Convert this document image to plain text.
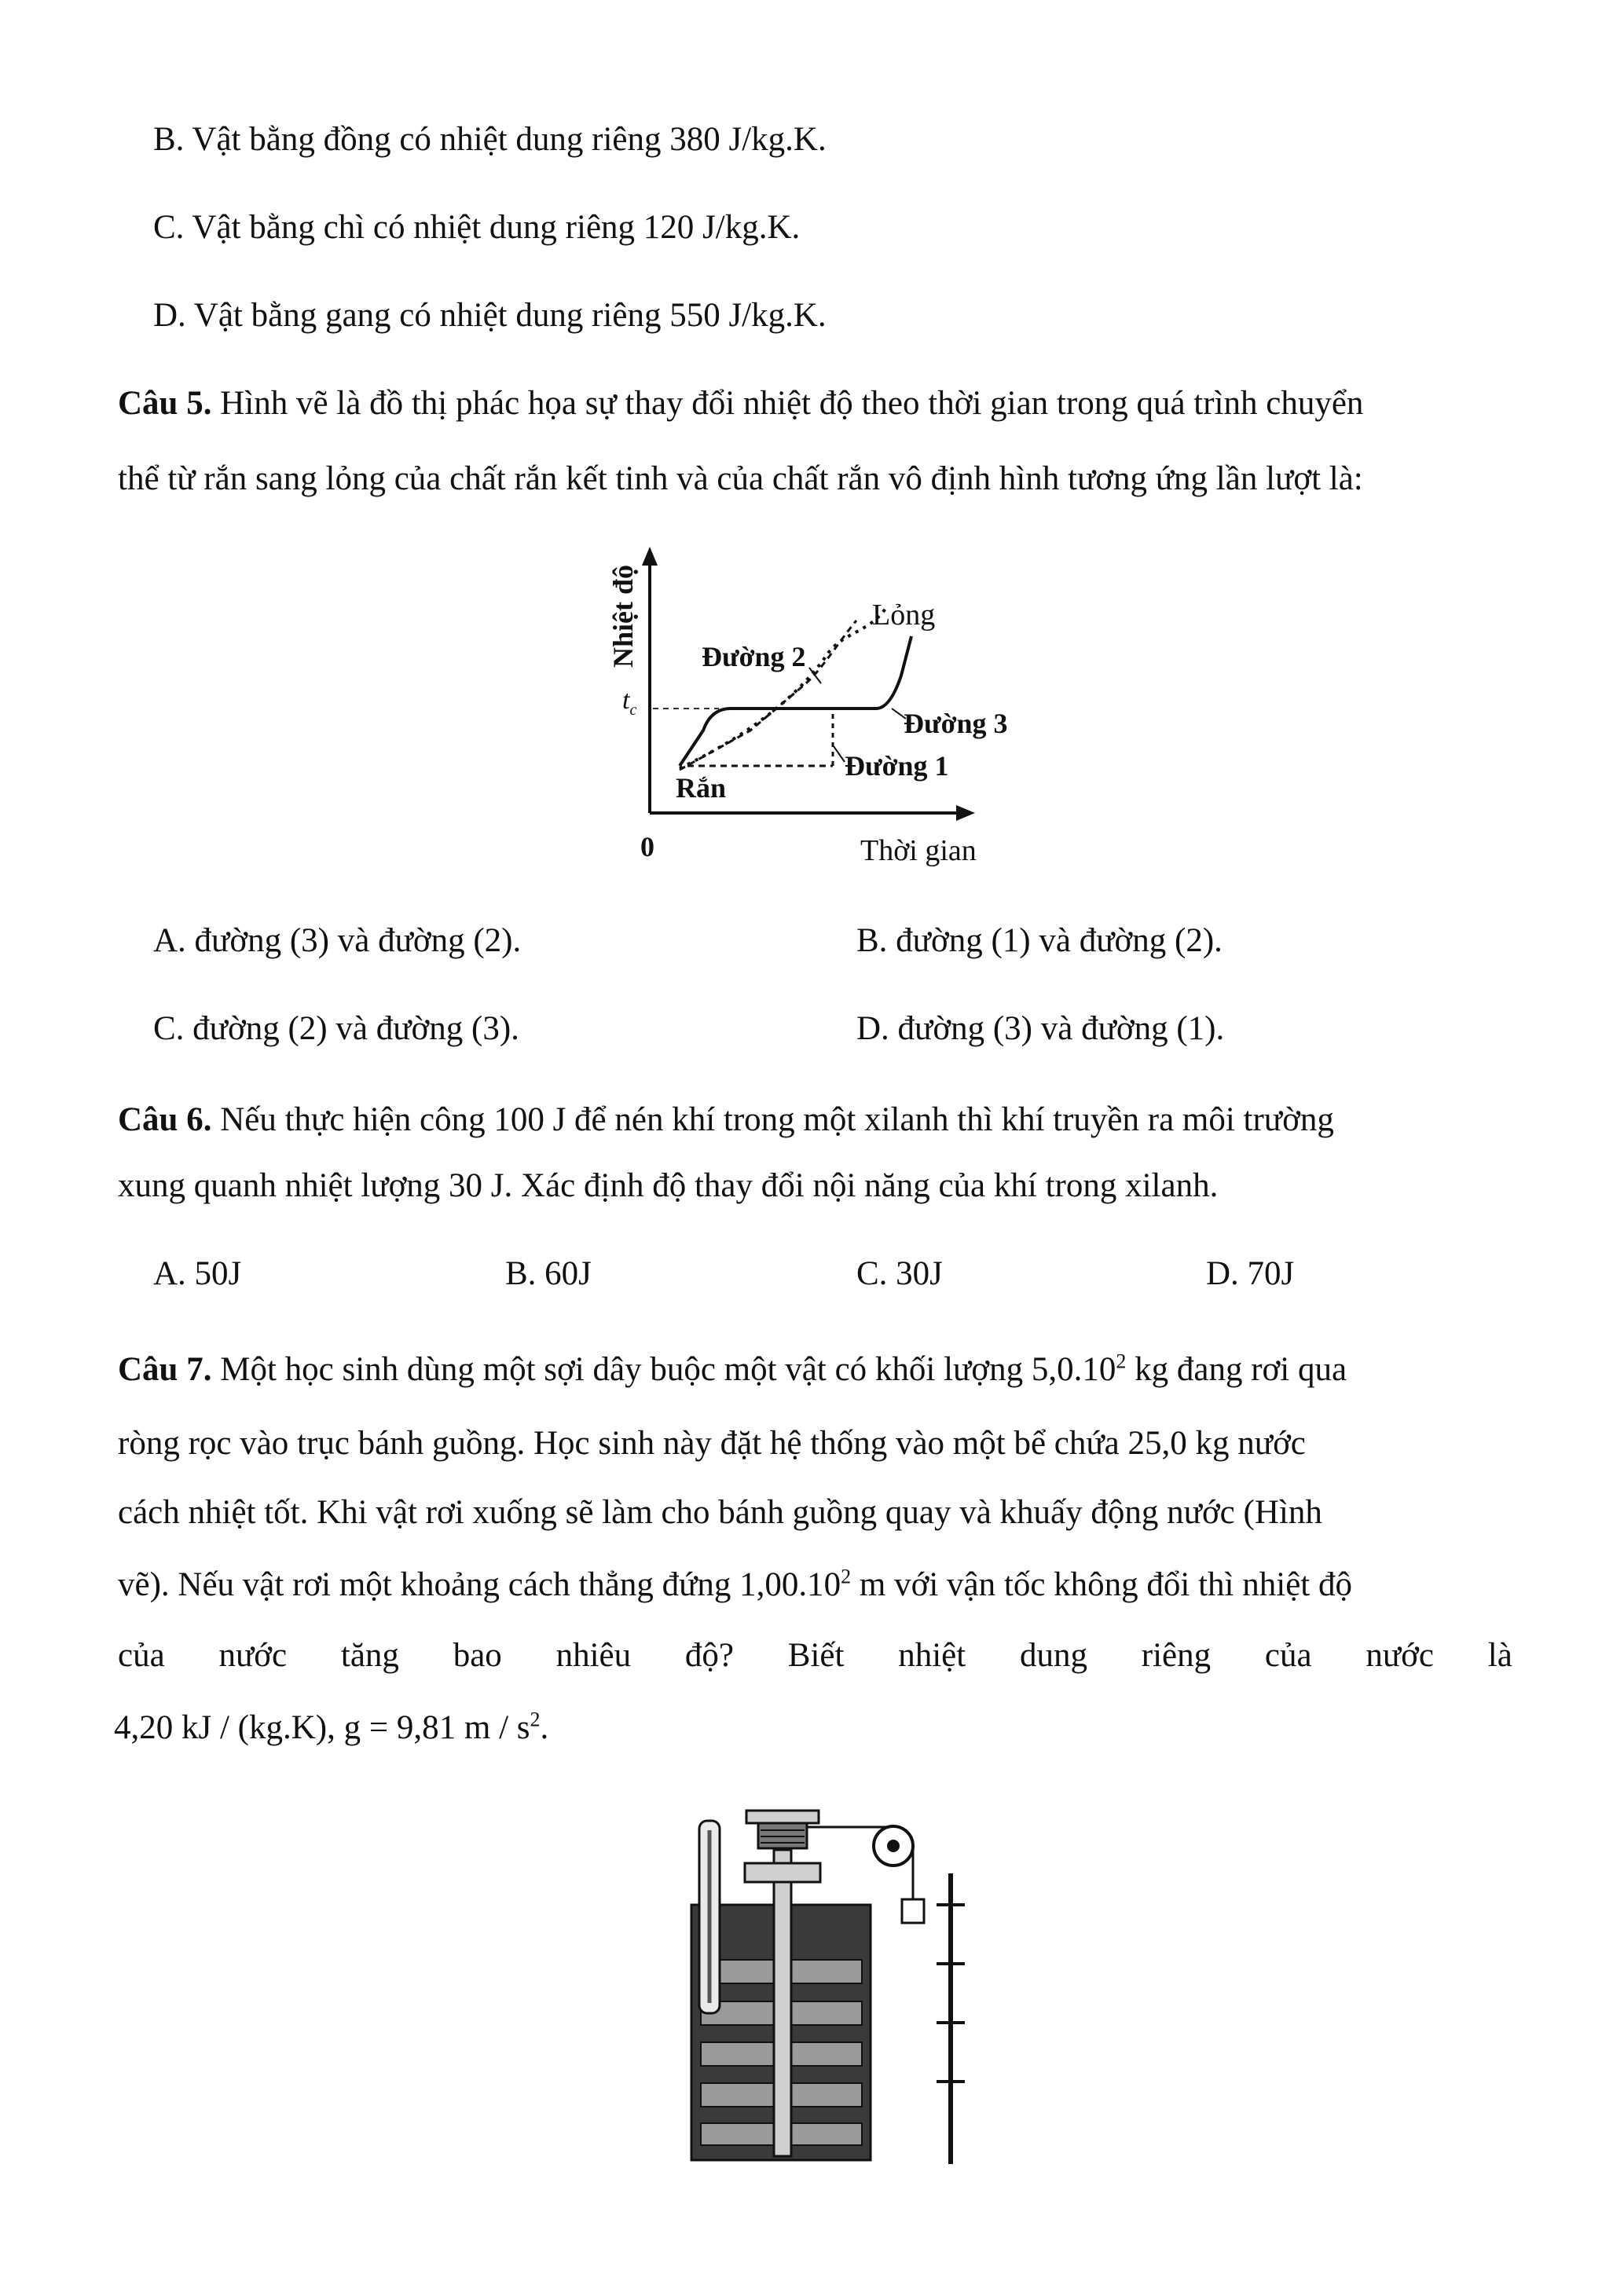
B. Vật bằng đồng có nhiệt dung riêng 380 J/kg.K.
C. Vật bằng chì có nhiệt dung riêng 120 J/kg.K.
D. Vật bằng gang có nhiệt dung riêng 550 J/kg.K.
Câu 5. Hình vẽ là đồ thị phác họa sự thay đổi nhiệt độ theo thời gian trong quá trình chuyển
thể từ rắn sang lỏng của chất rắn kết tinh và của chất rắn vô định hình tương ứng lần lượt là:
Nhiệt độ
Thời gian
0
$t_c$
Lỏng
Đường 2
Đường 3
Đường 1
Rắn
A. đường (3) và đường (2).	B. đường (1) và đường (2).
C. đường (2) và đường (3).	D. đường (3) và đường (1).
Câu 6. Nếu thực hiện công 100 J để nén khí trong một xilanh thì khí truyền ra môi trường
xung quanh nhiệt lượng 30 J. Xác định độ thay đổi nội năng của khí trong xilanh.
A. 50J	B. 60J	C. 30J	D. 70J
Câu 7. Một học sinh dùng một sợi dây buộc một vật có khối lượng 5,0.10$^2$ kg đang rơi qua
ròng rọc vào trục bánh guồng. Học sinh này đặt hệ thống vào một bể chứa 25,0 kg nước
cách nhiệt tốt. Khi vật rơi xuống sẽ làm cho bánh guồng quay và khuấy động nước (Hình
vẽ). Nếu vật rơi một khoảng cách thẳng đứng 1,00.10$^2$ m với vận tốc không đổi thì nhiệt độ
của nước tăng bao nhiêu độ? Biết nhiệt dung riêng của nước là
4,20 kJ / (kg.K), g = 9,81 m / $s^2$.
